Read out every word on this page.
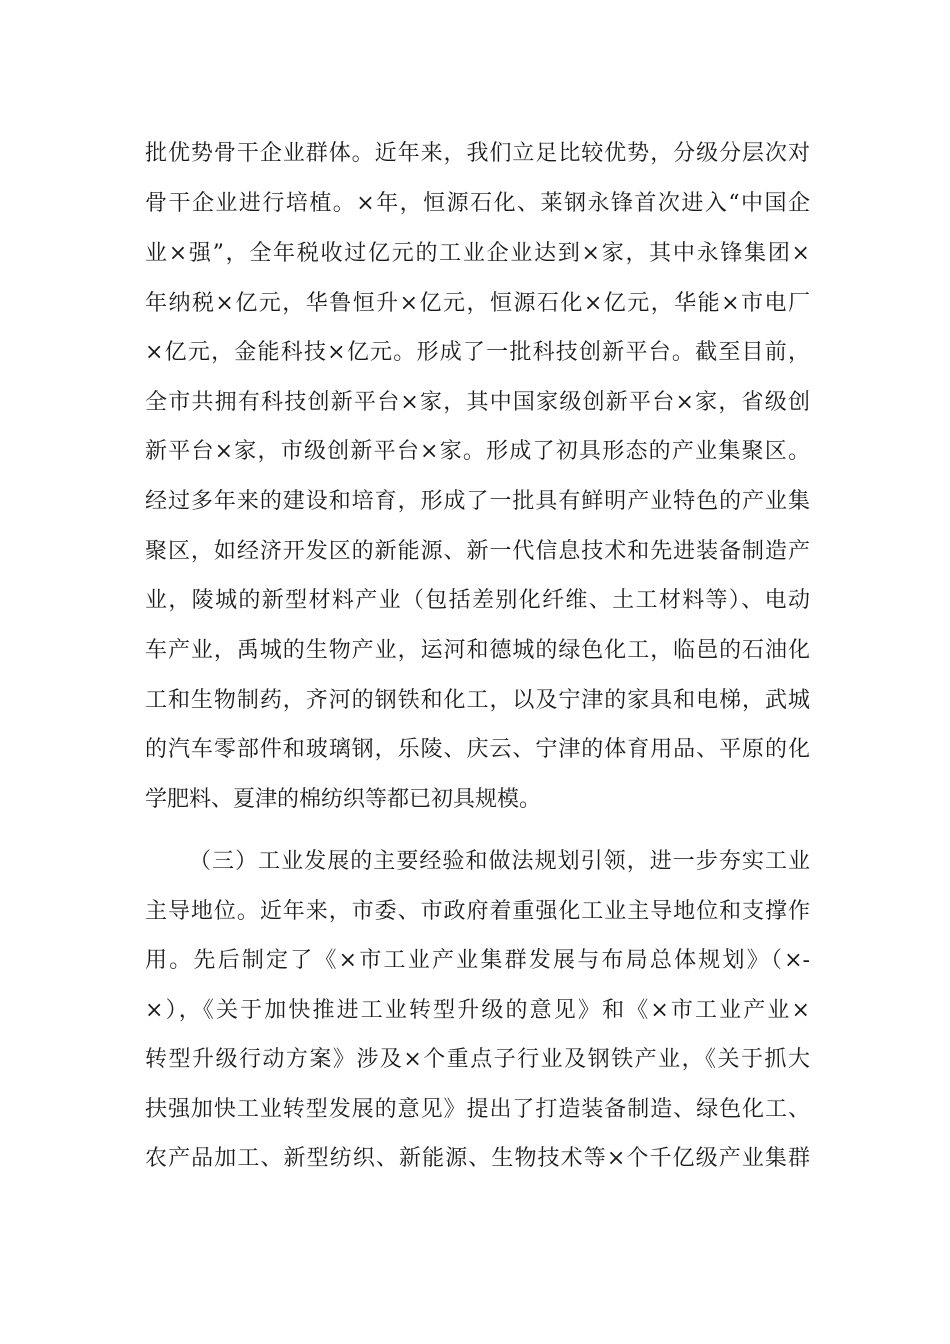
批优势骨干企业群体。近年来，我们立足比较优势，分级分层次对
骨干企业进行培植。×年，恒源石化、莱钢永锋首次进入“中国企
业×强”，全年税收过亿元的工业企业达到×家，其中永锋集团×
年纳税×亿元，华鲁恒升×亿元，恒源石化×亿元，华能×市电厂
×亿元，金能科技×亿元。形成了一批科技创新平台。截至目前，
全市共拥有科技创新平台×家，其中国家级创新平台×家，省级创
新平台×家，市级创新平台×家。形成了初具形态的产业集聚区。
经过多年来的建设和培育，形成了一批具有鲜明产业特色的产业集
聚区，如经济开发区的新能源、新一代信息技术和先进装备制造产
业，陵城的新型材料产业（包括差别化纤维、土工材料等）、电动
车产业，禹城的生物产业，运河和德城的绿色化工，临邑的石油化
工和生物制药，齐河的钢铁和化工，以及宁津的家具和电梯，武城
的汽车零部件和玻璃钢，乐陵、庆云、宁津的体育用品、平原的化
学肥料、夏津的棉纺织等都已初具规模。
（三）工业发展的主要经验和做法规划引领，进一步夯实工业
主导地位。近年来，市委、市政府着重强化工业主导地位和支撑作
用。先后制定了《×市工业产业集群发展与布局总体规划》（×-
×），《关于加快推进工业转型升级的意见》和《×市工业产业×
转型升级行动方案》涉及×个重点子行业及钢铁产业，《关于抓大
扶强加快工业转型发展的意见》提出了打造装备制造、绿色化工、
农产品加工、新型纺织、新能源、生物技术等×个千亿级产业集群
